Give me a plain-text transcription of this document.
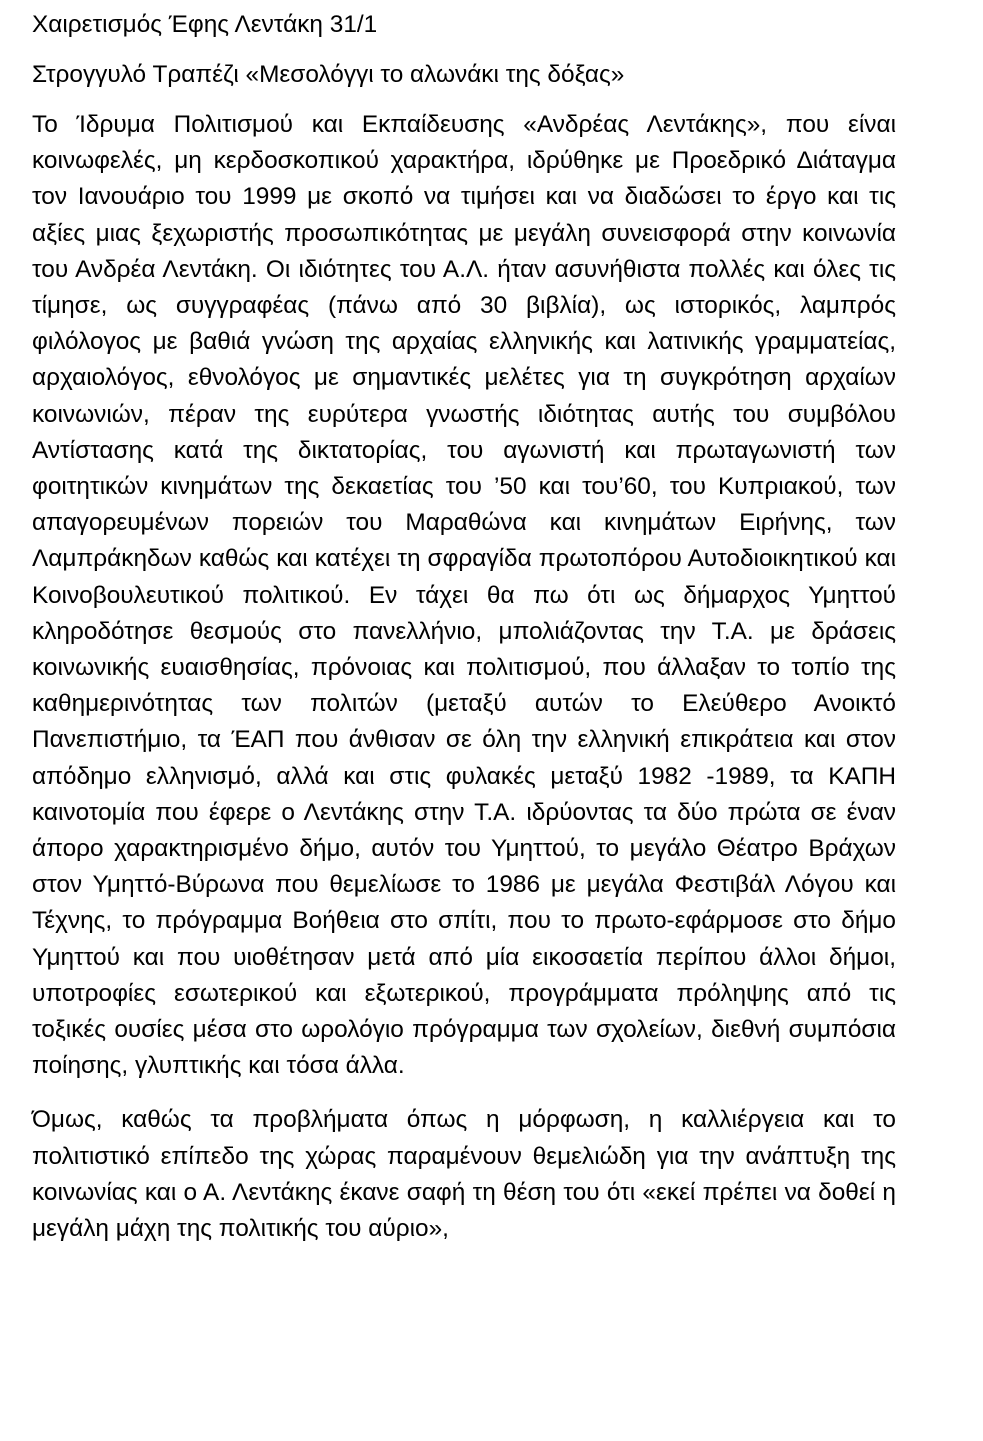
Χαιρετισμός Έφης Λεντάκη 31/1

Στρογγυλό Τραπέζι «Μεσολόγγι το αλωνάκι της δόξας»

Το Ίδρυμα Πολιτισμού και Εκπαίδευσης «Ανδρέας Λεντάκης», που είναι κοινωφελές, μη κερδοσκοπικού χαρακτήρα, ιδρύθηκε με Προεδρικό Διάταγμα τον Ιανουάριο του 1999 με σκοπό να τιμήσει και να διαδώσει το έργο και τις αξίες μιας ξεχωριστής προσωπικότητας με μεγάλη συνεισφορά στην κοινωνία του Ανδρέα Λεντάκη. Οι ιδιότητες του Α.Λ. ήταν ασυνήθιστα πολλές και όλες τις τίμησε, ως συγγραφέας (πάνω από 30 βιβλία), ως ιστορικός, λαμπρός φιλόλογος με βαθιά γνώση της αρχαίας ελληνικής και λατινικής γραμματείας, αρχαιολόγος, εθνολόγος με σημαντικές μελέτες για τη συγκρότηση αρχαίων κοινωνιών, πέραν της ευρύτερα γνωστής ιδιότητας αυτής του συμβόλου Αντίστασης κατά της δικτατορίας, του αγωνιστή και πρωταγωνιστή των φοιτητικών κινημάτων της δεκαετίας του ’50 και του’60, του Κυπριακού, των απαγορευμένων πορειών του Μαραθώνα και κινημάτων Ειρήνης, των Λαμπράκηδων καθώς και κατέχει τη σφραγίδα πρωτοπόρου Αυτοδιοικητικού και Κοινοβουλευτικού πολιτικού. Εν τάχει θα πω ότι ως δήμαρχος Υμηττού κληροδότησε θεσμούς στο πανελλήνιο, μπολιάζοντας την Τ.Α. με δράσεις κοινωνικής ευαισθησίας, πρόνοιας και πολιτισμού, που άλλαξαν το τοπίο της καθημερινότητας των πολιτών (μεταξύ αυτών το Ελεύθερο Ανοικτό Πανεπιστήμιο, τα ΈΑΠ που άνθισαν σε όλη την ελληνική επικράτεια και στον απόδημο ελληνισμό, αλλά και στις φυλακές μεταξύ 1982 -1989, τα ΚΑΠΗ καινοτομία που έφερε ο Λεντάκης στην Τ.Α. ιδρύοντας τα δύο πρώτα σε έναν άπορο χαρακτηρισμένο δήμο, αυτόν του Υμηττού, το μεγάλο Θέατρο Βράχων στον Υμηττό-Βύρωνα που θεμελίωσε το 1986 με μεγάλα Φεστιβάλ Λόγου και Τέχνης, το πρόγραμμα Βοήθεια στο σπίτι, που το πρωτο-εφάρμοσε στο δήμο Υμηττού και που υιοθέτησαν μετά από μία εικοσαετία περίπου άλλοι δήμοι, υποτροφίες εσωτερικού και εξωτερικού, προγράμματα πρόληψης από τις τοξικές ουσίες μέσα στο ωρολόγιο πρόγραμμα των σχολείων, διεθνή συμπόσια ποίησης, γλυπτικής και τόσα άλλα.

Όμως, καθώς τα προβλήματα όπως η μόρφωση, η καλλιέργεια και το πολιτιστικό επίπεδο της χώρας παραμένουν θεμελιώδη για την ανάπτυξη της κοινωνίας και ο Α. Λεντάκης έκανε σαφή τη θέση του ότι «εκεί πρέπει να δοθεί η μεγάλη μάχη της πολιτικής του αύριο»,
